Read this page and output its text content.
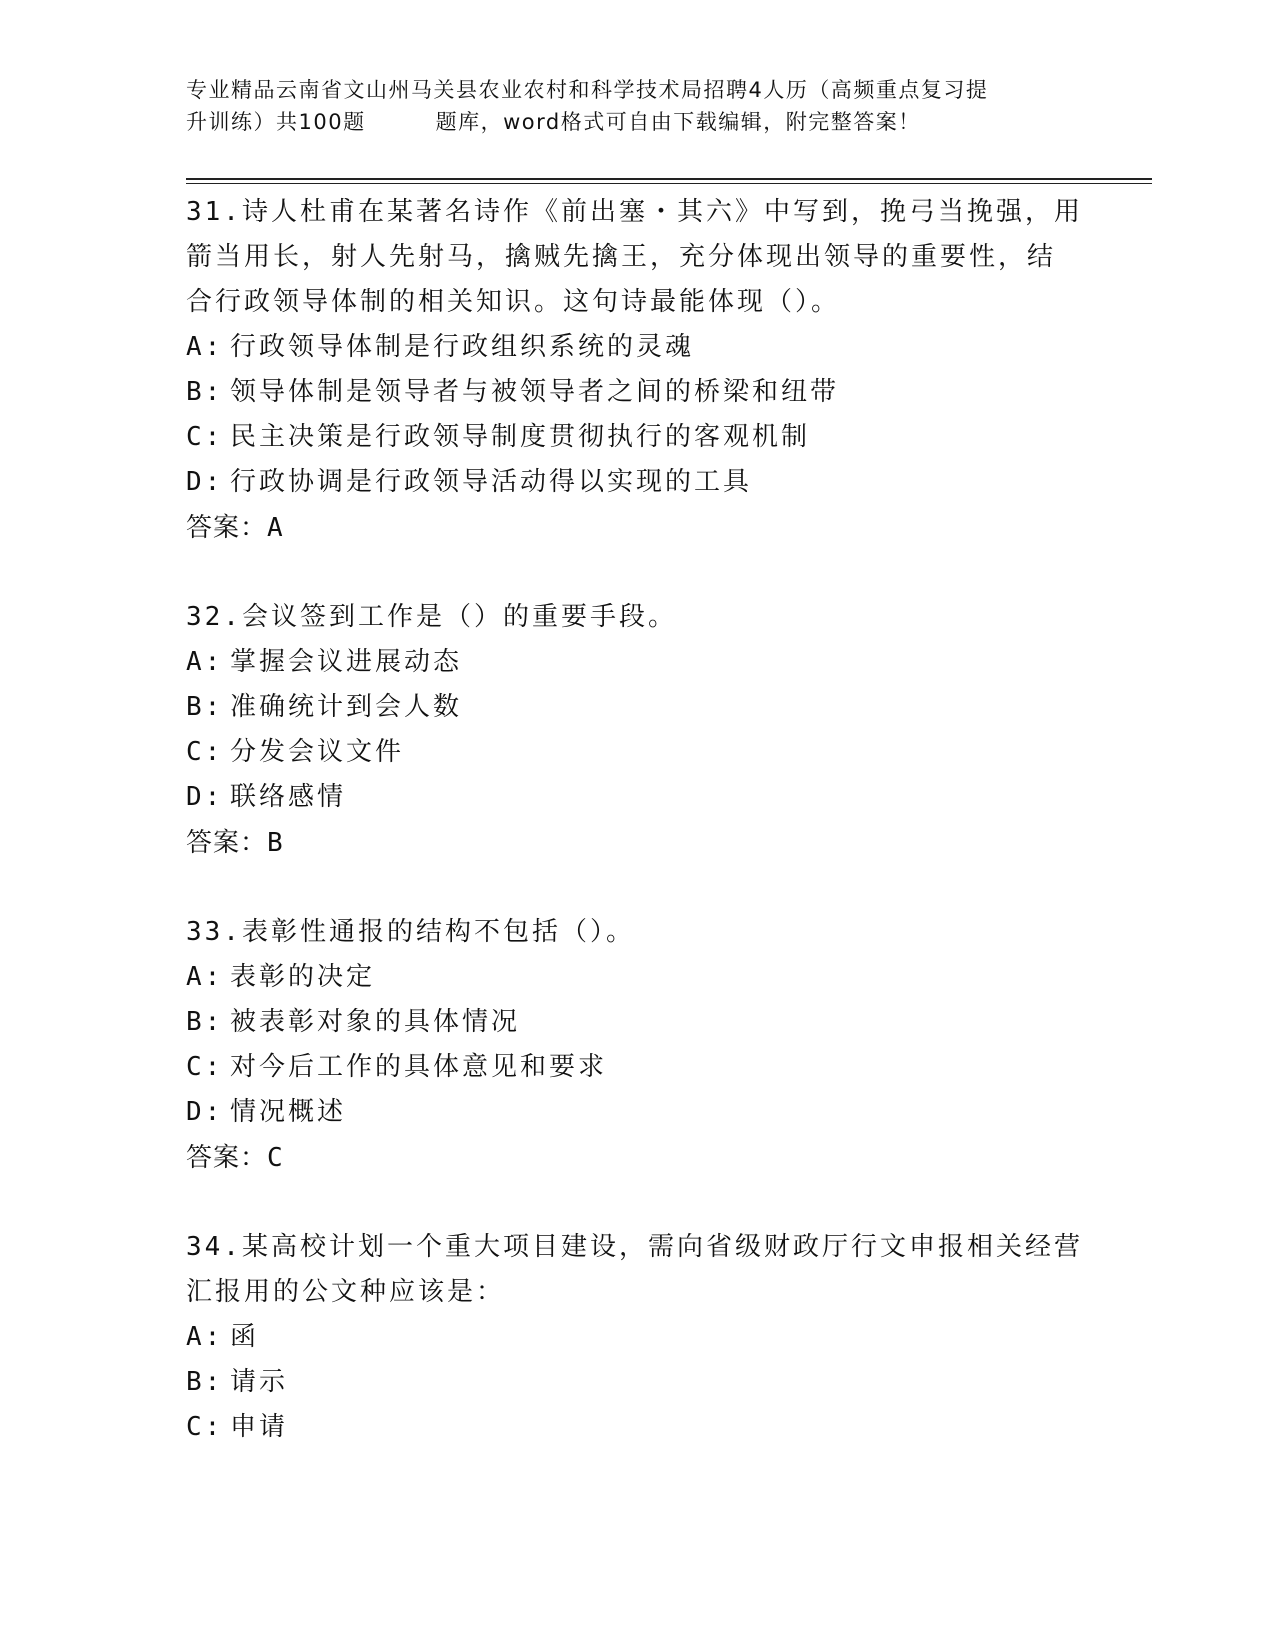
专业精品云南省文山州马关县农业农村和科学技术局招聘4人历（高频重点复习提
升训练）共100题	题库，word格式可自由下载编辑，附完整答案！

31.诗人杜甫在某著名诗作《前出塞・其六》中写到，挽弓当挽强，用

箭当用长，射人先射马，擒贼先擒王，充分体现出领导的重要性，结

合行政领导体制的相关知识。这句诗最能体现（）。

A: 行政领导体制是行政组织系统的灵魂

B: 领导体制是领导者与被领导者之间的桥梁和纽带

C: 民主决策是行政领导制度贯彻执行的客观机制

D: 行政协调是行政领导活动得以实现的工具

答案：A

32.会议签到工作是（）的重要手段。

A: 掌握会议进展动态

B: 准确统计到会人数

C: 分发会议文件

D: 联络感情

答案：B

33.表彰性通报的结构不包括（）。

A: 表彰的决定

B: 被表彰对象的具体情况

C: 对今后工作的具体意见和要求

D: 情况概述

答案：C

34.某高校计划一个重大项目建设，需向省级财政厅行文申报相关经营

汇报用的公文种应该是：

A: 函

B: 请示

C: 申请
